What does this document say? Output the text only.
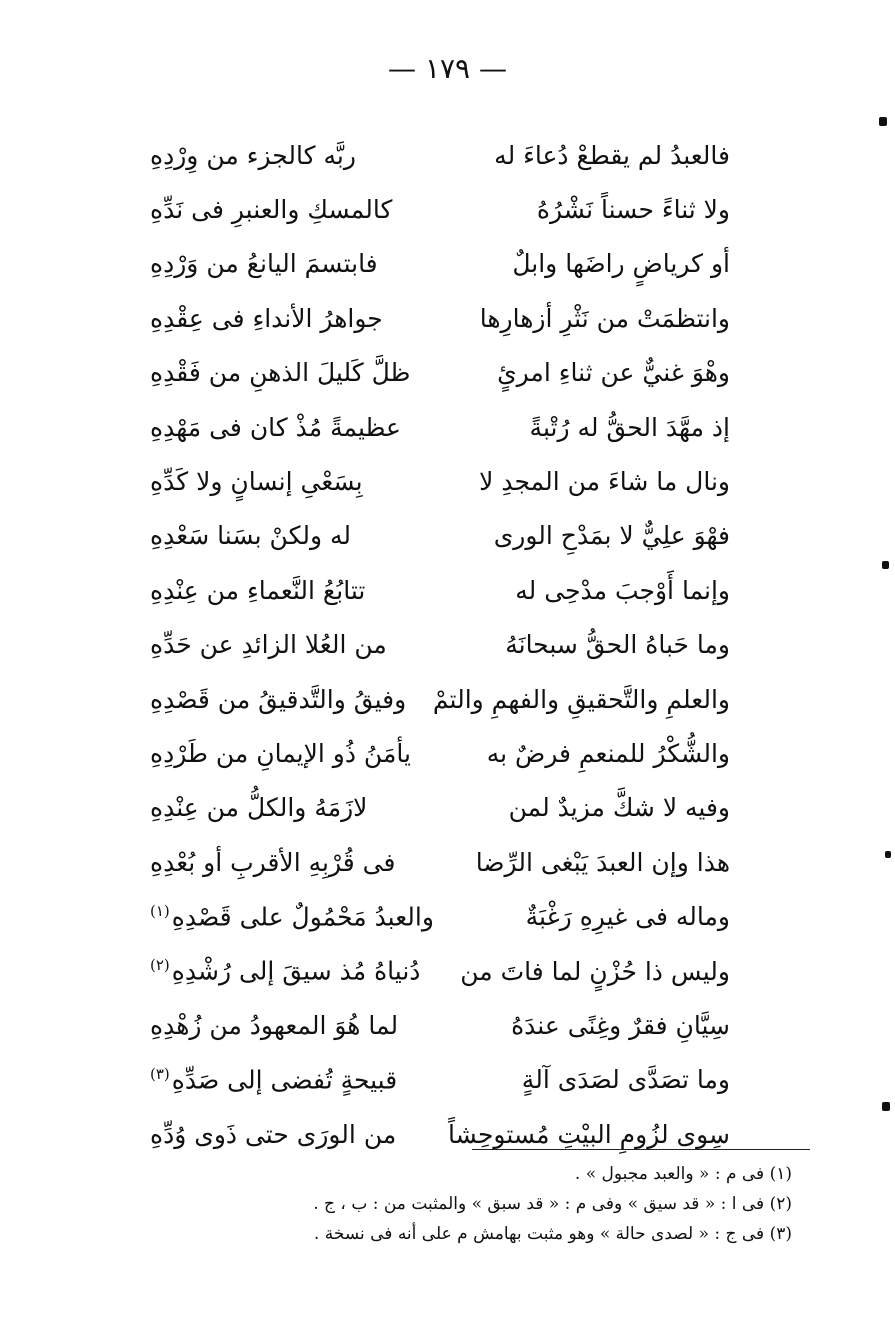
— ١٧٩ —
فالعبدُ لم يقطعْ دُعاءَ له
ربَّه كالجزء من وِرْدِهِ
ولا ثناءً حسناً نَشْرُهُ
كالمسكِ والعنبرِ فى نَدِّهِ
أو كرياضٍ راضَها وابلٌ
فابتسمَ اليانعُ من وَرْدِهِ
وانتظمَتْ من نَثْرِ أزهارِها
جواهرُ الأنداءِ فى عِقْدِهِ
وهْوَ غنيٌّ عن ثناءِ امرئٍ
ظلَّ كَليلَ الذهنِ من فَقْدِهِ
إذ مهَّدَ الحقُّ له رُتْبةً
عظيمةً مُذْ كان فى مَهْدِهِ
ونال ما شاءَ من المجدِ لا
بِسَعْىِ إنسانٍ ولا كَدِّهِ
فهْوَ علِيٌّ لا بمَدْحِ الورى
له ولكنْ بسَنا سَعْدِهِ
وإنما أَوْجبَ مدْحِى له
تتابُعُ النَّعماءِ من عِنْدِهِ
وما حَباهُ الحقُّ سبحانَهُ
من العُلا الزائدِ عن حَدِّهِ
والعلمِ والتَّحقيقِ والفهمِ والتمْ
وفيقُ والتَّدقيقُ من قَصْدِهِ
والشُّكْرُ للمنعمِ فرضٌ به
يأمَنُ ذُو الإيمانِ من طَرْدِهِ
وفيه لا شكَّ مزيدٌ لمن
لازَمَهُ والكلُّ من عِنْدِهِ
هذا وإن العبدَ يَبْغى الرِّضا
فى قُرْبِهِ الأقربِ أو بُعْدِهِ
وماله فى غيرِهِ رَغْبَةٌ
والعبدُ مَحْمُولٌ على قَصْدِهِ$^{(١)}$
وليس ذا حُزْنٍ لما فاتَ من
دُنياهُ مُذ سيقَ إلى رُشْدِهِ$^{(٢)}$
سِيَّانِ فقرٌ وغِنًى عندَهُ
لما هُوَ المعهودُ من زُهْدِهِ
وما تصَدَّى لصَدَى آلةٍ
قبيحةٍ تُفضى إلى صَدِّهِ$^{(٣)}$
سِوى لزُومِ البيْتِ مُستوحِشاً
من الورَى حتى ذَوى وُدِّهِ
(١) فى م : « والعبد مجبول » .
(٢) فى ا : « قد سيق » وفى م : « قد سبق » والمثبت من : ب ، ج .
(٣) فى ج : « لصدى حالة » وهو مثبت بهامش م على أنه فى نسخة .
